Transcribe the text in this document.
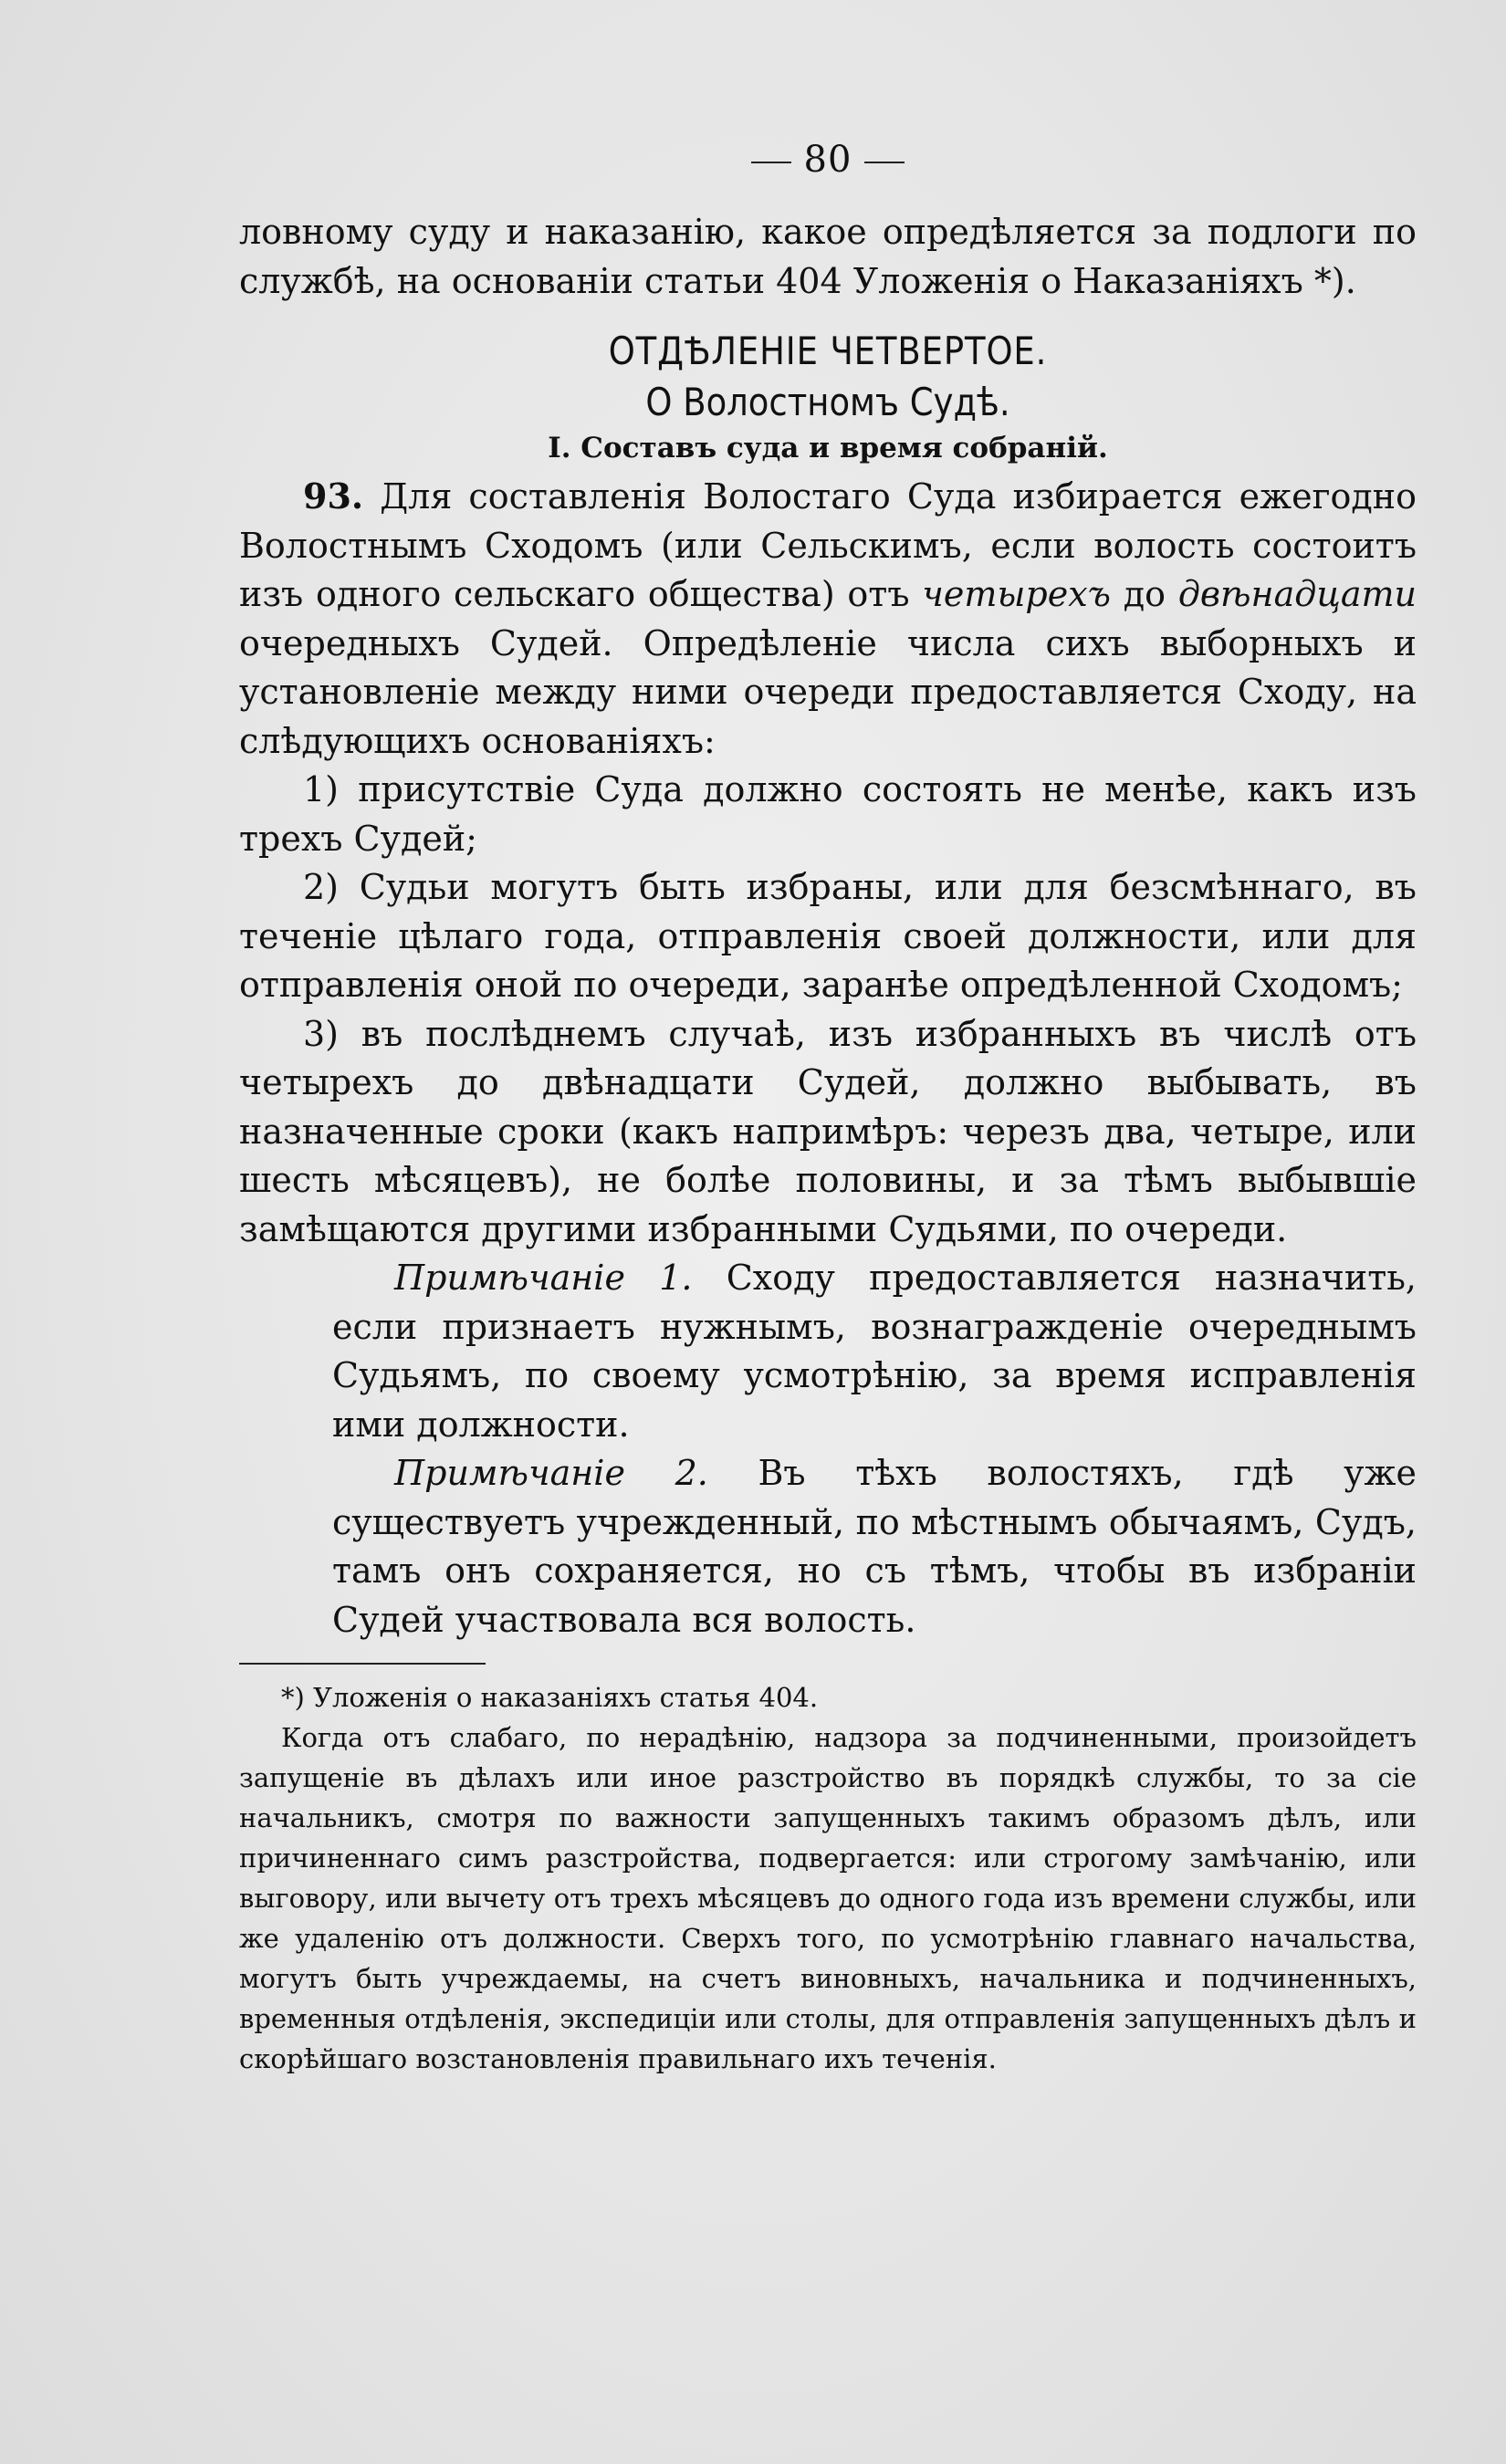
80

ловному суду и наказанію, какое опредѣляется за подлоги по службѣ, на основаніи статьи 404 Уложенія о Наказаніяхъ *).

ОТДѢЛЕНІЕ ЧЕТВЕРТОЕ.
О Волостномъ Судѣ.
I. Составъ суда и время собраній.

93. Для составленія Волостаго Суда избирается ежегодно Волостнымъ Сходомъ (или Сельскимъ, если волость состоитъ изъ одного сельскаго общества) отъ четырехъ до двѣнадцати очередныхъ Судей. Опредѣленіе числа сихъ выборныхъ и установленіе между ними очереди предоставляется Сходу, на слѣдующихъ основаніяхъ:

1) присутствіе Суда должно состоять не менѣе, какъ изъ трехъ Судей;

2) Судьи могутъ быть избраны, или для безсмѣннаго, въ теченіе цѣлаго года, отправленія своей должности, или для отправленія оной по очереди, заранѣе опредѣленной Сходомъ;

3) въ послѣднемъ случаѣ, изъ избранныхъ въ числѣ отъ четырехъ до двѣнадцати Судей, должно выбывать, въ назначенные сроки (какъ напримѣръ: черезъ два, четыре, или шесть мѣсяцевъ), не болѣе половины, и за тѣмъ выбывшіе замѣщаются другими избранными Судьями, по очереди.

Примѣчаніе 1. Сходу предоставляется назначить, если признаетъ нужнымъ, вознагражденіе очереднымъ Судьямъ, по своему усмотрѣнію, за время исправленія ими должности.

Примѣчаніе 2. Въ тѣхъ волостяхъ, гдѣ уже существуетъ учрежденный, по мѣстнымъ обычаямъ, Судъ, тамъ онъ сохраняется, но съ тѣмъ, чтобы въ избраніи Судей участвовала вся волость.

*) Уложенія о наказаніяхъ статья 404.

Когда отъ слабаго, по нерадѣнію, надзора за подчиненными, произойдетъ запущеніе въ дѣлахъ или иное разстройство въ порядкѣ службы, то за сіе начальникъ, смотря по важности запущенныхъ такимъ образомъ дѣлъ, или причиненнаго симъ разстройства, подвергается: или строгому замѣчанію, или выговору, или вычету отъ трехъ мѣсяцевъ до одного года изъ времени службы, или же удаленію отъ должности. Сверхъ того, по усмотрѣнію главнаго начальства, могутъ быть учреждаемы, на счетъ виновныхъ, начальника и подчиненныхъ, временныя отдѣленія, экспедиціи или столы, для отправленія запущенныхъ дѣлъ и скорѣйшаго возстановленія правильнаго ихъ теченія.
